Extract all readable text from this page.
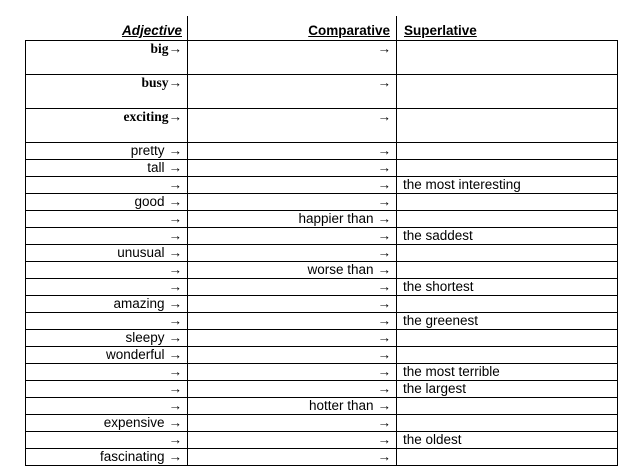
Adjective	Comparative Superlative
big→	→	
busy→	→	
exciting→	→	
pretty →	→	
tall →	→	
→	→	the most interesting
good →	→	
→	happier than →	
→	→	the saddest
unusual →	→	
→	worse than →	
→	→	the shortest
amazing →	→	
→	→	the greenest
sleepy →	→	
wonderful →	→	
→	→	the most terrible
→	→	the largest
→	hotter than →	
expensive →	→	
→	→	the oldest
fascinating →	→	
